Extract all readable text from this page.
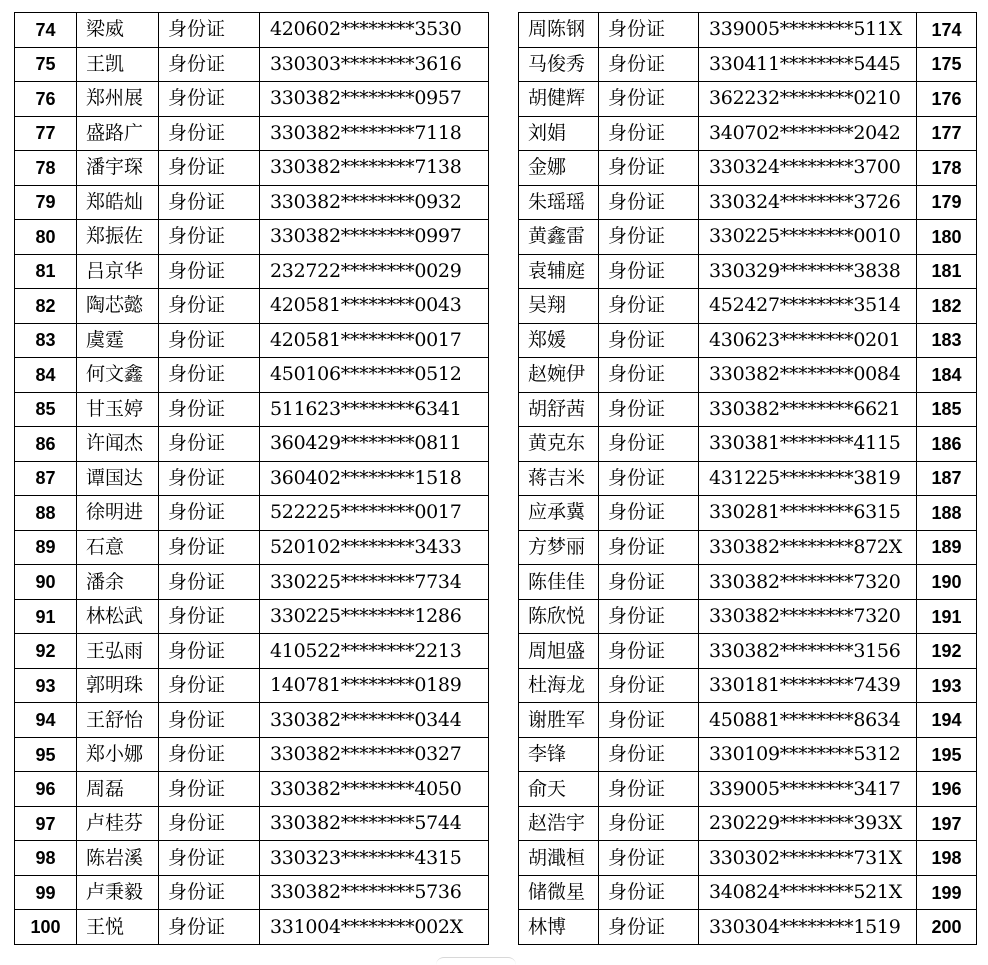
74	梁威	身份证	420602********3530		周陈钢	身份证	339005********511X	174
75	王凯	身份证	330303********3616		马俊秀	身份证	330411********5445	175
76	郑州展	身份证	330382********0957		胡健辉	身份证	362232********0210	176
77	盛路广	身份证	330382********7118		刘娟	身份证	340702********2042	177
78	潘宇琛	身份证	330382********7138		金娜	身份证	330324********3700	178
79	郑皓灿	身份证	330382********0932		朱瑶瑶	身份证	330324********3726	179
80	郑振佐	身份证	330382********0997		黄鑫雷	身份证	330225********0010	180
81	吕京华	身份证	232722********0029		袁辅庭	身份证	330329********3838	181
82	陶芯懿	身份证	420581********0043		吴翔	身份证	452427********3514	182
83	虞霆	身份证	420581********0017		郑媛	身份证	430623********0201	183
84	何文鑫	身份证	450106********0512		赵婉伊	身份证	330382********0084	184
85	甘玉婷	身份证	511623********6341		胡舒茜	身份证	330382********6621	185
86	许闻杰	身份证	360429********0811		黄克东	身份证	330381********4115	186
87	谭国达	身份证	360402********1518		蒋吉米	身份证	431225********3819	187
88	徐明进	身份证	522225********0017		应承冀	身份证	330281********6315	188
89	石意	身份证	520102********3433		方梦丽	身份证	330382********872X	189
90	潘余	身份证	330225********7734		陈佳佳	身份证	330382********7320	190
91	林松武	身份证	330225********1286		陈欣悦	身份证	330382********7320	191
92	王弘雨	身份证	410522********2213		周旭盛	身份证	330382********3156	192
93	郭明珠	身份证	140781********0189		杜海龙	身份证	330181********7439	193
94	王舒怡	身份证	330382********0344		谢胜军	身份证	450881********8634	194
95	郑小娜	身份证	330382********0327		李锋	身份证	330109********5312	195
96	周磊	身份证	330382********4050		俞天	身份证	339005********3417	196
97	卢桂芬	身份证	330382********5744		赵浩宇	身份证	230229********393X	197
98	陈岩溪	身份证	330323********4315		胡濈桓	身份证	330302********731X	198
99	卢秉毅	身份证	330382********5736		储微星	身份证	340824********521X	199
100	王悦	身份证	331004********002X		林博	身份证	330304********1519	200
